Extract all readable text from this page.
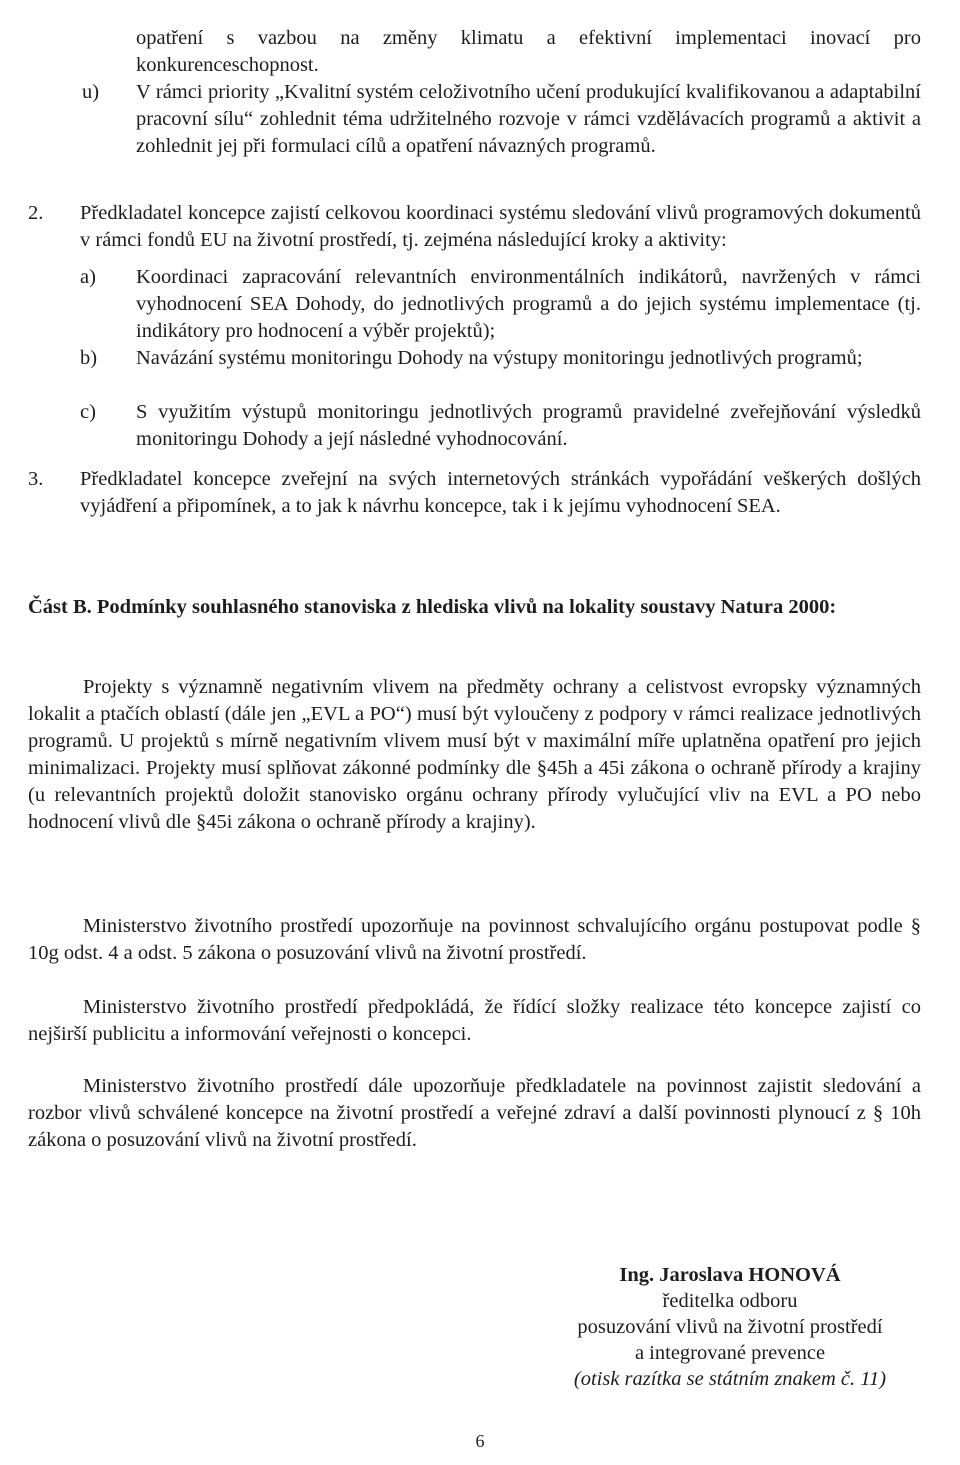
opatření s vazbou na změny klimatu a efektivní implementaci inovací pro konkurenceschopnost.
u) V rámci priority „Kvalitní systém celoživotního učení produkující kvalifikovanou a adaptabilní pracovní sílu“ zohlednit téma udržitelného rozvoje v rámci vzdělávacích programů a aktivit a zohlednit jej při formulaci cílů a opatření návazných programů.
2. Předkladatel koncepce zajistí celkovou koordinaci systému sledování vlivů programových dokumentů v rámci fondů EU na životní prostředí, tj. zejména následující kroky a aktivity:
a) Koordinaci zapracování relevantních environmentálních indikátorů, navržených v rámci vyhodnocení SEA Dohody, do jednotlivých programů a do jejich systému implementace (tj. indikátory pro hodnocení a výběr projektů);
b) Navázání systému monitoringu Dohody na výstupy monitoringu jednotlivých programů;
c) S využitím výstupů monitoringu jednotlivých programů pravidelné zveřejňování výsledků monitoringu Dohody a její následné vyhodnocování.
3. Předkladatel koncepce zveřejní na svých internetových stránkách vypořádání veškerých došlých vyjádření a připomínek, a to jak k návrhu koncepce, tak i k jejímu vyhodnocení SEA.
Část B. Podmínky souhlasného stanoviska z hlediska vlivů na lokality soustavy Natura 2000:
Projekty s významně negativním vlivem na předměty ochrany a celistvost evropsky významných lokalit a ptačích oblastí (dále jen „EVL a PO“) musí být vyloučeny z podpory v rámci realizace jednotlivých programů. U projektů s mírně negativním vlivem musí být v maximální míře uplatněna opatření pro jejich minimalizaci. Projekty musí splňovat zákonné podmínky dle §45h a 45i zákona o ochraně přírody a krajiny (u relevantních projektů doložit stanovisko orgánu ochrany přírody vylučující vliv na EVL a PO nebo hodnocení vlivů dle §45i zákona o ochraně přírody a krajiny).
Ministerstvo životního prostředí upozorňuje na povinnost schvalujícího orgánu postupovat podle § 10g odst. 4 a odst. 5 zákona o posuzování vlivů na životní prostředí.
Ministerstvo životního prostředí předpokládá, že řídící složky realizace této koncepce zajistí co nejširší publicitu a informování veřejnosti o koncepci.
Ministerstvo životního prostředí dále upozorňuje předkladatele na povinnost zajistit sledování a rozbor vlivů schválené koncepce na životní prostředí a veřejné zdraví a další povinnosti plynoucí z § 10h zákona o posuzování vlivů na životní prostředí.
Ing. Jaroslava HONOVÁ
ředitelka odboru
posuzování vlivů na životní prostředí
a integrované prevence
(otisk razítka se státním znakem č. 11)
6
